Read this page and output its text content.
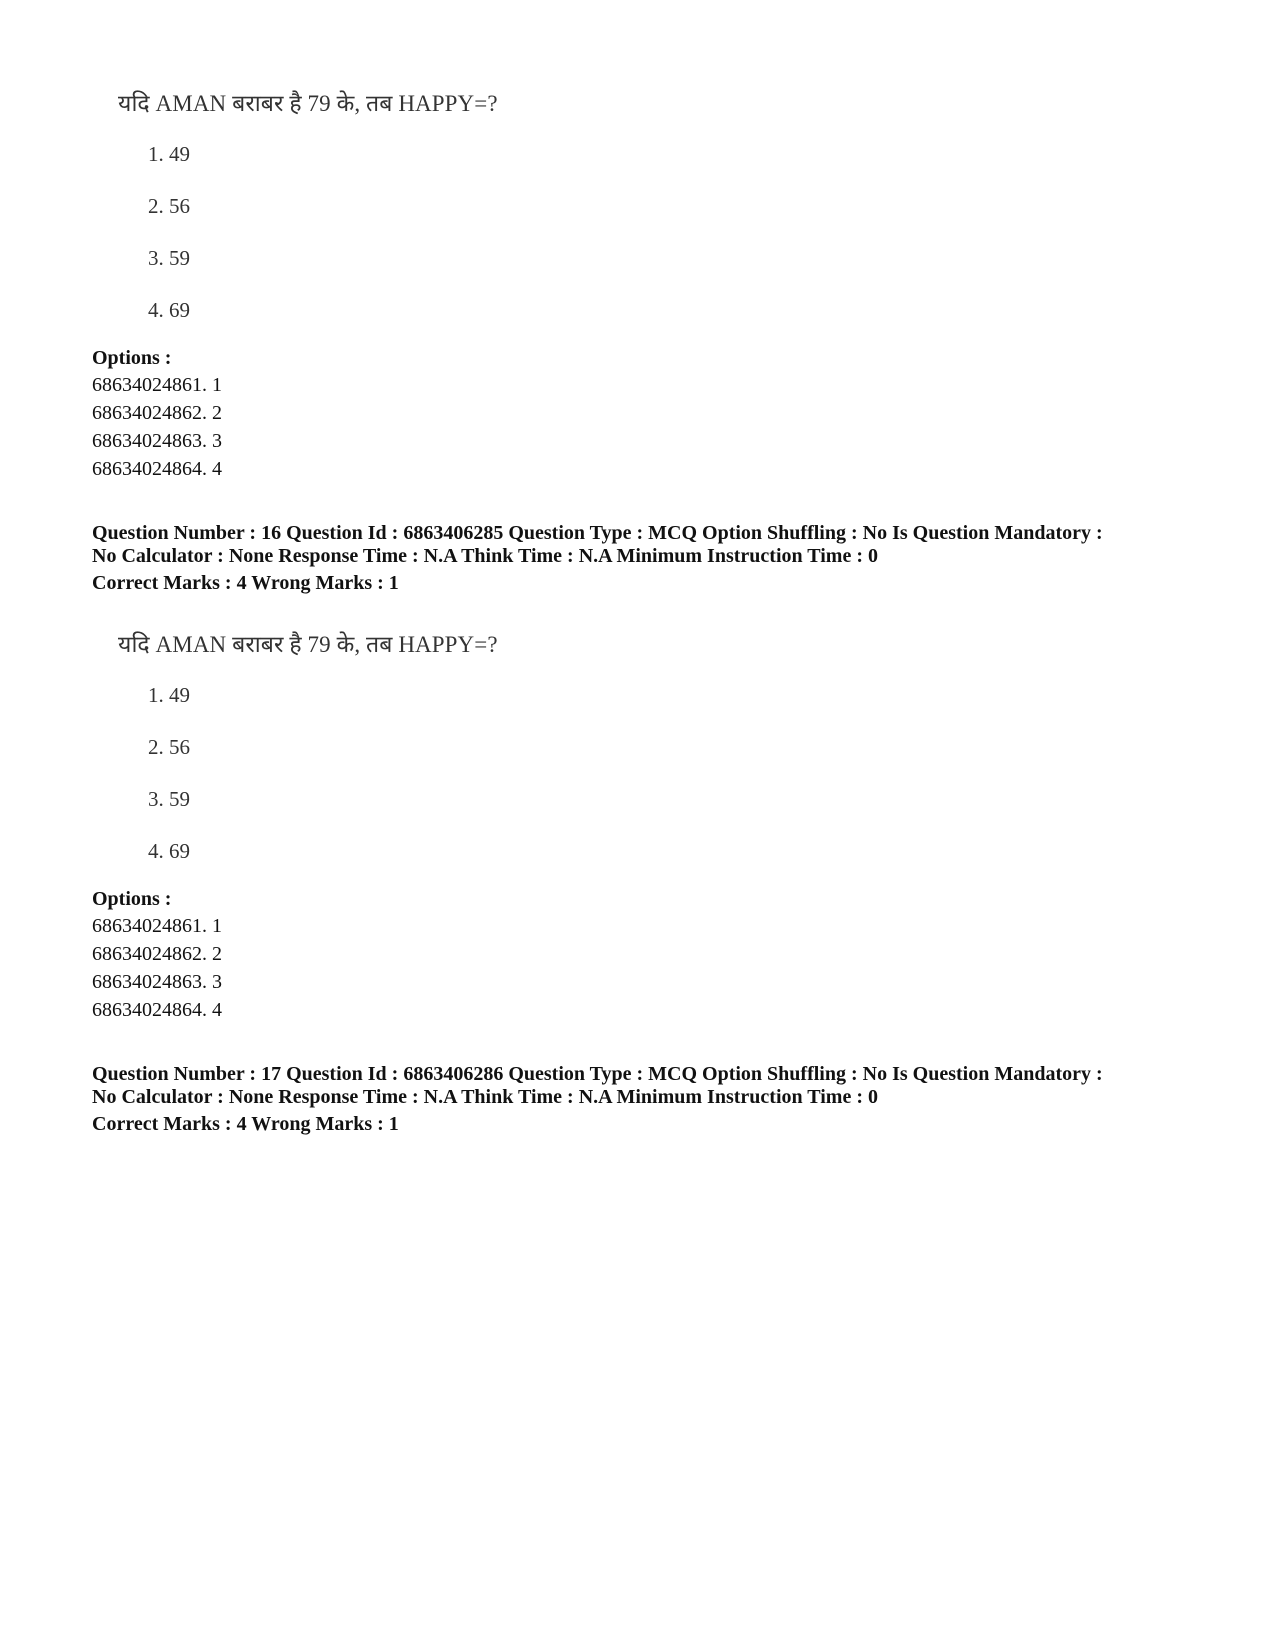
यदि AMAN बराबर है 79 के, तब HAPPY=?
1. 49
2. 56
3. 59
4. 69
Options :
68634024861. 1
68634024862. 2
68634024863. 3
68634024864. 4
Question Number : 16 Question Id : 6863406285 Question Type : MCQ Option Shuffling : No Is Question Mandatory :
No Calculator : None Response Time : N.A Think Time : N.A Minimum Instruction Time : 0
Correct Marks : 4 Wrong Marks : 1
यदि AMAN बराबर है 79 के, तब HAPPY=?
1. 49
2. 56
3. 59
4. 69
Options :
68634024861. 1
68634024862. 2
68634024863. 3
68634024864. 4
Question Number : 17 Question Id : 6863406286 Question Type : MCQ Option Shuffling : No Is Question Mandatory :
No Calculator : None Response Time : N.A Think Time : N.A Minimum Instruction Time : 0
Correct Marks : 4 Wrong Marks : 1
